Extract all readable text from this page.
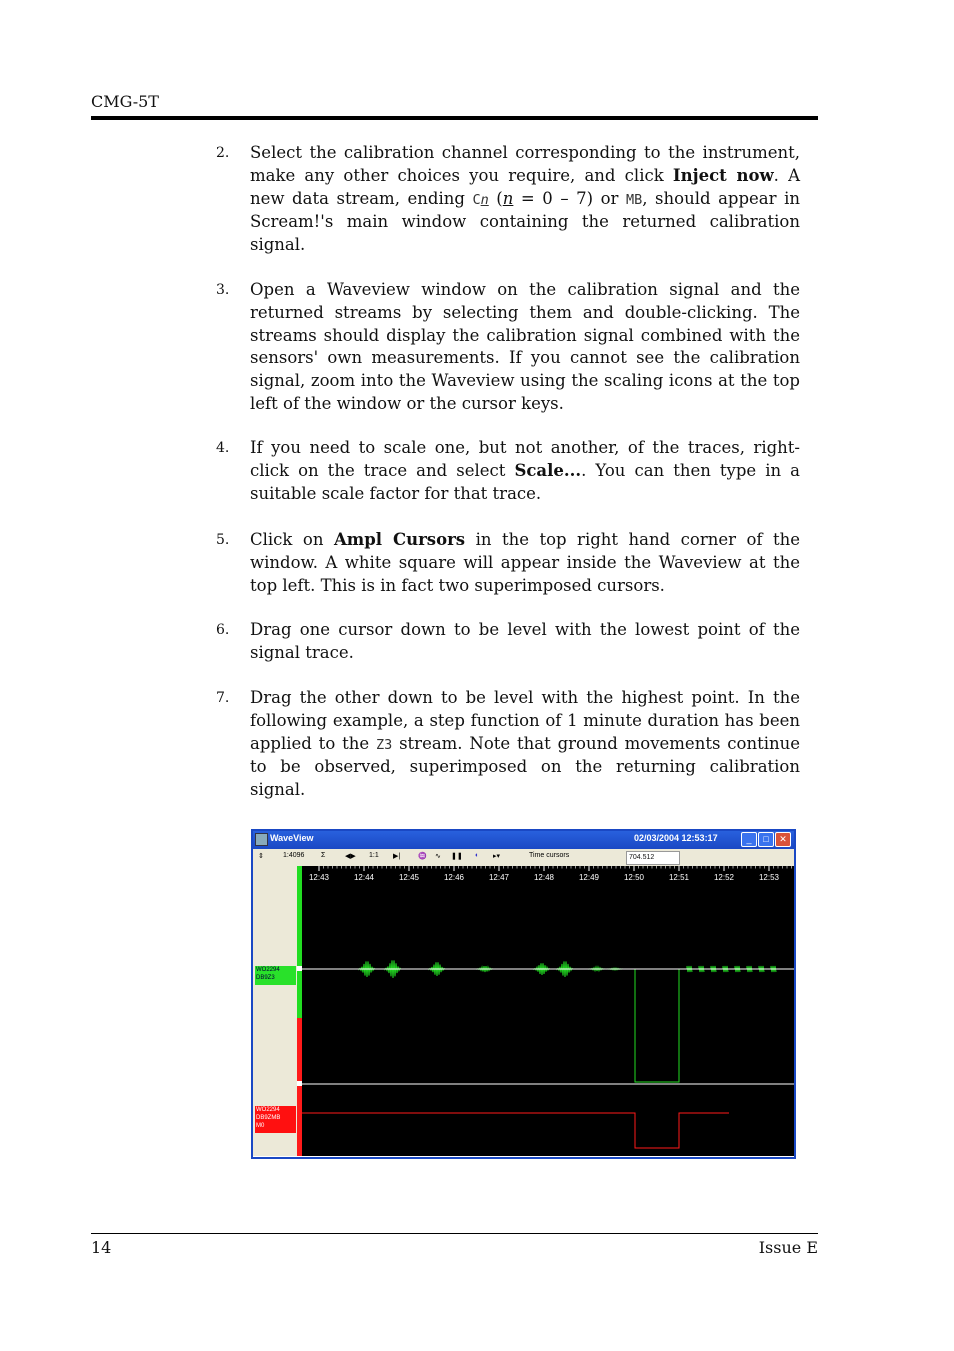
CMG-5T
2. Select the calibration channel corresponding to the instrument, make any other choices you require, and click Inject now. A new data stream, ending Cn (n = 0 – 7) or MB, should appear in Scream!'s main window containing the returned calibration signal.
3. Open a Waveview window on the calibration signal and the returned streams by selecting them and double-clicking. The streams should display the calibration signal combined with the sensors' own measurements. If you cannot see the calibration signal, zoom into the Waveview using the scaling icons at the top left of the window or the cursor keys.
4. If you need to scale one, but not another, of the traces, right-click on the trace and select Scale.... You can then type in a suitable scale factor for that trace.
5. Click on Ampl Cursors in the top right hand corner of the window. A white square will appear inside the Waveview at the top left. This is in fact two superimposed cursors.
6. Drag one cursor down to be level with the lowest point of the signal trace.
7. Drag the other down to be level with the highest point. In the following example, a step function of 1 minute duration has been applied to the Z3 stream. Note that ground movements continue to be observed, superimposed on the returning calibration signal.
WaveView	02/03/2004 12:53:17	_	□	✕
⇕	1:4096 Σ	◀▶ 1:1 ▶|	♒ ∿ ❚❚ ◐ ▸▾	Time cursors	704.512
WO2294
DB9Z3
WO2294
DB9ZMB
M0
12:43	12:44	12:45	12:46	12:47	12:48	12:49	12:50	12:51	12:52	12:53
14	Issue E
